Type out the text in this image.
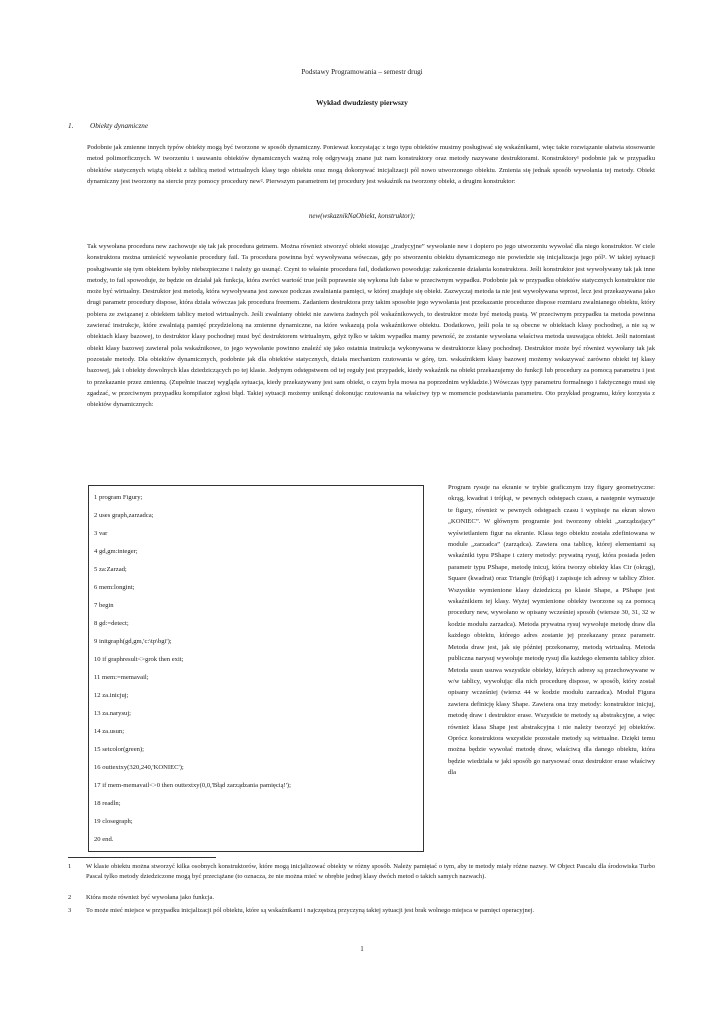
Podstawy Programowania – semestr drugi
Wykład dwudziesty pierwszy
1. Obiekty dynamiczne
Podobnie jak zmienne innych typów obiekty mogą być tworzone w sposób dynamiczny. Ponieważ korzystając z tego typu obiektów musimy posługiwać się wskaźnikami, więc takie rozwiązanie ułatwia stosowanie metod polimorficznych. W tworzeniu i usuwaniu obiektów dynamicznych ważną rolę odgrywają znane już nam konstruktory oraz metody nazywane destruktorami. Konstruktory¹ podobnie jak w przypadku obiektów statycznych wiążą obiekt z tablicą metod wirtualnych klasy tego obiektu oraz mogą dokonywać inicjalizacji pól nowo utworzonego obiektu. Zmienia się jednak sposób wywołania tej metody. Obiekt dynamiczny jest tworzony na stercie przy pomocy procedury new². Pierwszym parametrem tej procedury jest wskaźnik na tworzony obiekt, a drugim konstruktor:
new(wskaznikNaObiekt, konstruktor);
Tak wywołana procedura new zachowuje się tak jak procedura getmem. Można również stworzyć obiekt stosując „tradycyjne” wywołanie new i dopiero po jego utworzeniu wywołać dla niego konstruktor. W ciele konstruktora można umieścić wywołanie procedury fail. Ta procedura powinna być wywoływana wówczas, gdy po stworzeniu obiektu dynamicznego nie powiedzie się inicjalizacja jego pól³. W takiej sytuacji posługiwanie się tym obiektem byłoby niebezpieczne i należy go usunąć. Czyni to właśnie procedura fail, dodatkowo powodując zakończenie działania konstruktora. Jeśli konstruktor jest wywoływany tak jak inne metody, to fail spowoduje, że będzie on działał jak funkcja, która zwróci wartość true jeśli poprawnie się wykona lub false w przeciwnym wypadku. Podobnie jak w przypadku obiektów statycznych konstruktor nie może być wirtualny. Destruktor jest metodą, która wywoływana jest zawsze podczas zwalniania pamięci, w której znajduje się obiekt. Zazwyczaj metoda ta nie jest wywoływana wprost, lecz jest przekazywana jako drugi parametr procedury dispose, która działa wówczas jak procedura freemem. Zadaniem destruktora przy takim sposobie jego wywołania jest przekazanie procedurze dispose rozmiaru zwalnianego obiektu, który pobiera ze związanej z obiektem tablicy metod wirtualnych. Jeśli zwalniany obiekt nie zawiera żadnych pól wskaźnikowych, to destruktor może być metodą pustą. W przeciwnym przypadku ta metoda powinna zawierać instrukcje, które zwalniają pamięć przydzieloną na zmienne dynamiczne, na które wskazują pola wskaźnikowe obiektu. Dodatkowo, jeśli pola te są obecne w obiektach klasy pochodnej, a nie są w obiektach klasy bazowej, to destruktor klasy pochodnej musi być destruktorem wirtualnym, gdyż tylko w takim wypadku mamy pewność, że zostanie wywołana właściwa metoda usuwająca obiekt. Jeśli natomiast obiekt klasy bazowej zawierał pola wskaźnikowe, to jego wywołanie powinno znaleźć się jako ostatnia instrukcja wykonywana w destruktorze klasy pochodnej. Destruktor może być również wywołany tak jak pozostałe metody. Dla obiektów dynamicznych, podobnie jak dla obiektów statycznych, działa mechanizm rzutowania w górę, tzn. wskaźnikiem klasy bazowej możemy wskazywać zarówno obiekt tej klasy bazowej, jak i obiekty dowolnych klas dziedziczących po tej klasie. Jedynym odstępstwem od tej reguły jest przypadek, kiedy wskaźnik na obiekt przekazujemy do funkcji lub procedury za pomocą parametru i jest to przekazanie przez zmienną. (Zupełnie inaczej wygląda sytuacja, kiedy przekazywany jest sam obiekt, o czym była mowa na poprzednim wykładzie.) Wówczas typy parametru formalnego i faktycznego musi się zgadzać, w przeciwnym przypadku kompilator zgłosi błąd. Takiej sytuacji możemy uniknąć dokonując rzutowania na właściwy typ w momencie podstawiania parametru. Oto przykład programu, który korzysta z obiektów dynamicznych:
1 program Figury;
2 uses graph,zarzadca;
3 var
4 gd,gm:integer;
5 za:Zarzad;
6 mem:longint;
7 begin
8 gd:=detect;
9 initgraph(gd,gm,'c:\tp\bgi');
10 if graphresult<>grok then exit;
11 mem:=memavail;
12 za.inicjuj;
13 za.narysuj;
14 za.usun;
15 setcolor(green);
16 outtextxy(320,240,'KONIEC');
17 if mem-memavail<>0 then outtextxy(0,0,'Błąd zarządzania pamięcią!');
18 readln;
19 closegraph;
20 end.
Program rysuje na ekranie w trybie graficznym trzy figury geometryczne: okrąg, kwadrat i trójkąt, w pewnych odstępach czasu, a następnie wymazuje te figury, również w pewnych odstępach czasu i wypisuje na ekran słowo „KONIEC”. W głównym programie jest tworzony obiekt „zarządzający” wyświetlaniem figur na ekranie. Klasa tego obiektu została zdefiniowana w module „zarzadca” (zarządca). Zawiera ona tablicę, której elementami są wskaźniki typu PShape i cztery metody: prywatną rysuj, która posiada jeden parametr typu PShape, metodę inicuj, która tworzy obiekty klas Cir (okrąg), Square (kwadrat) oraz Triangle (trójkąt) i zapisuje ich adresy w tablicy Zbior. Wszystkie wymienione klasy dziedziczą po klasie Shape, a PShape jest wskaźnikiem tej klasy. Wyżej wymienione obiekty tworzone są za pomocą procedury new, wywołano w opisany wcześniej sposób (wiersze 30, 31, 32 w kodzie modułu zarzadca). Metoda prywatna rysuj wywołuje metodę draw dla każdego obiektu, którego adres zostanie jej przekazany przez parametr. Metoda draw jest, jak się później przekonamy, metodą wirtualną. Metoda publiczna narysuj wywołuje metodę rysuj dla każdego elementu tablicy zbior. Metoda usun usuwa wszystkie obiekty, których adresy są przechowywane w w/w tablicy, wywołując dla nich procedurę dispose, w sposób, który został opisany wcześniej (wiersz 44 w kodzie modułu zarzadca). Moduł Figura zawiera definicję klasy Shape. Zawiera ona trzy metody: konstruktor inicjuj, metodę draw i destruktor erase. Wszystkie te metody są abstrakcyjne, a więc również klasa Shape jest abstrakcyjna i nie należy tworzyć jej obiektów. Oprócz konstruktora wszystkie pozostałe metody są wirtualne. Dzięki temu można będzie wywołać metodę draw, właściwą dla danego obiektu, która będzie wiedziała w jaki sposób go narysować oraz destruktor erase właściwy dla
1 W klasie obiektu można stworzyć kilka osobnych konstruktorów, które mogą inicjalizować obiekty w różny sposób. Należy pamiętać o tym, aby te metody miały różne nazwy. W Object Pascalu dla środowiska Turbo Pascal tylko metody dziedziczone mogą być przeciążane (to oznacza, że nie można mieć w obrębie jednej klasy dwóch metod o takich samych nazwach).
2 Która może również być wywołana jako funkcja.
3 To może mieć miejsce w przypadku inicjalizacji pól obiektu, które są wskaźnikami i najczęstszą przyczyną takiej sytuacji jest brak wolnego miejsca w pamięci operacyjnej.
1
